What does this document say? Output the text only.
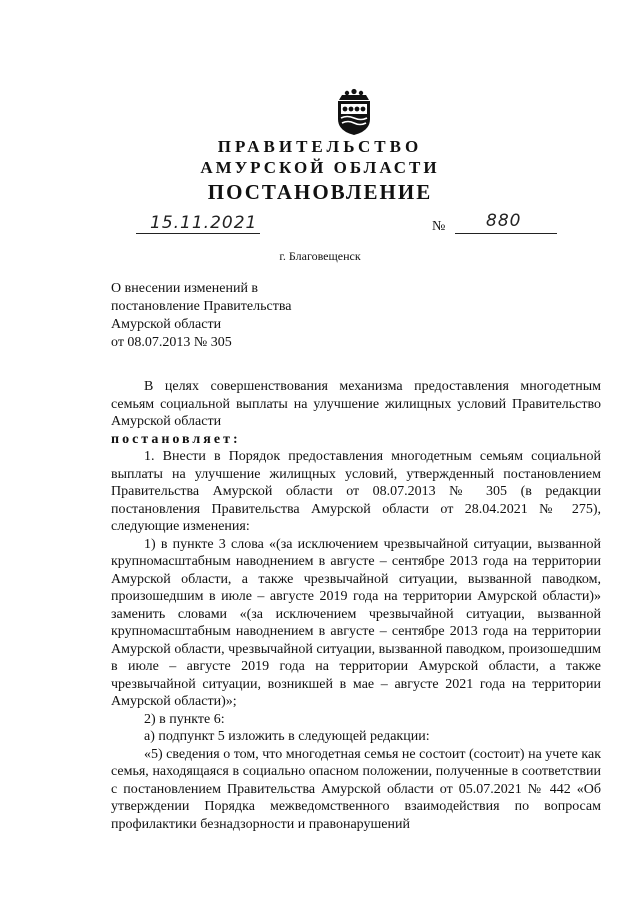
ПРАВИТЕЛЬСТВО
АМУРСКОЙ ОБЛАСТИ
ПОСТАНОВЛЕНИЕ
15.11.2021	№ 880
г. Благовещенск
О внесении изменений в
постановление Правительства
Амурской области
от 08.07.2013 № 305
В целях совершенствования механизма предоставления многодетным семьям социальной выплаты на улучшение жилищных условий Правительство Амурской области
постановляет:
1. Внести в Порядок предоставления многодетным семьям социальной выплаты на улучшение жилищных условий, утвержденный постановлением Правительства Амурской области от 08.07.2013 № 305 (в редакции постановления Правительства Амурской области от 28.04.2021 № 275), следующие изменения:
1) в пункте 3 слова «(за исключением чрезвычайной ситуации, вызванной крупномасштабным наводнением в августе – сентябре 2013 года на территории Амурской области, а также чрезвычайной ситуации, вызванной паводком, произошедшим в июле – августе 2019 года на территории Амурской области)» заменить словами «(за исключением чрезвычайной ситуации, вызванной крупномасштабным наводнением в августе – сентябре 2013 года на территории Амурской области, чрезвычайной ситуации, вызванной паводком, произошедшим в июле – августе 2019 года на территории Амурской области, а также чрезвычайной ситуации, возникшей в мае – августе 2021 года на территории Амурской области)»;
2) в пункте 6:
а) подпункт 5 изложить в следующей редакции:
«5) сведения о том, что многодетная семья не состоит (состоит) на учете как семья, находящаяся в социально опасном положении, полученные в соответствии с постановлением Правительства Амурской области от 05.07.2021 № 442 «Об утверждении Порядка межведомственного взаимодействия по вопросам профилактики безнадзорности и правонарушений
